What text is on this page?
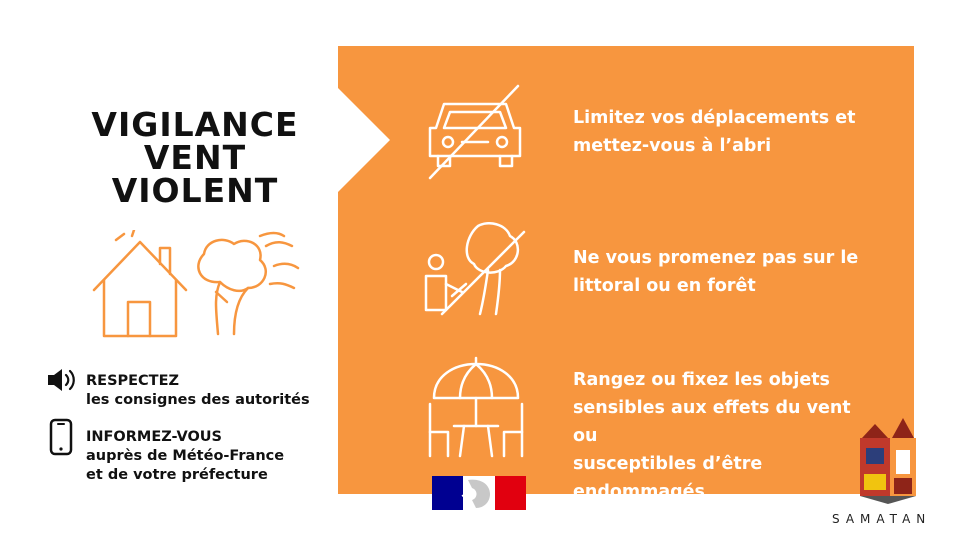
VIGILANCE
VENT
VIOLENT
Limitez vos déplacements et
mettez-vous à l’abri
Ne vous promenez pas sur le
littoral ou en forêt
Rangez ou fixez les objets
sensibles aux effets du vent ou
susceptibles d’être endommagés
RESPECTEZ
les consignes des autorités
INFORMEZ-VOUS
auprès de Météo-France
et de votre préfecture
SAMATAN
